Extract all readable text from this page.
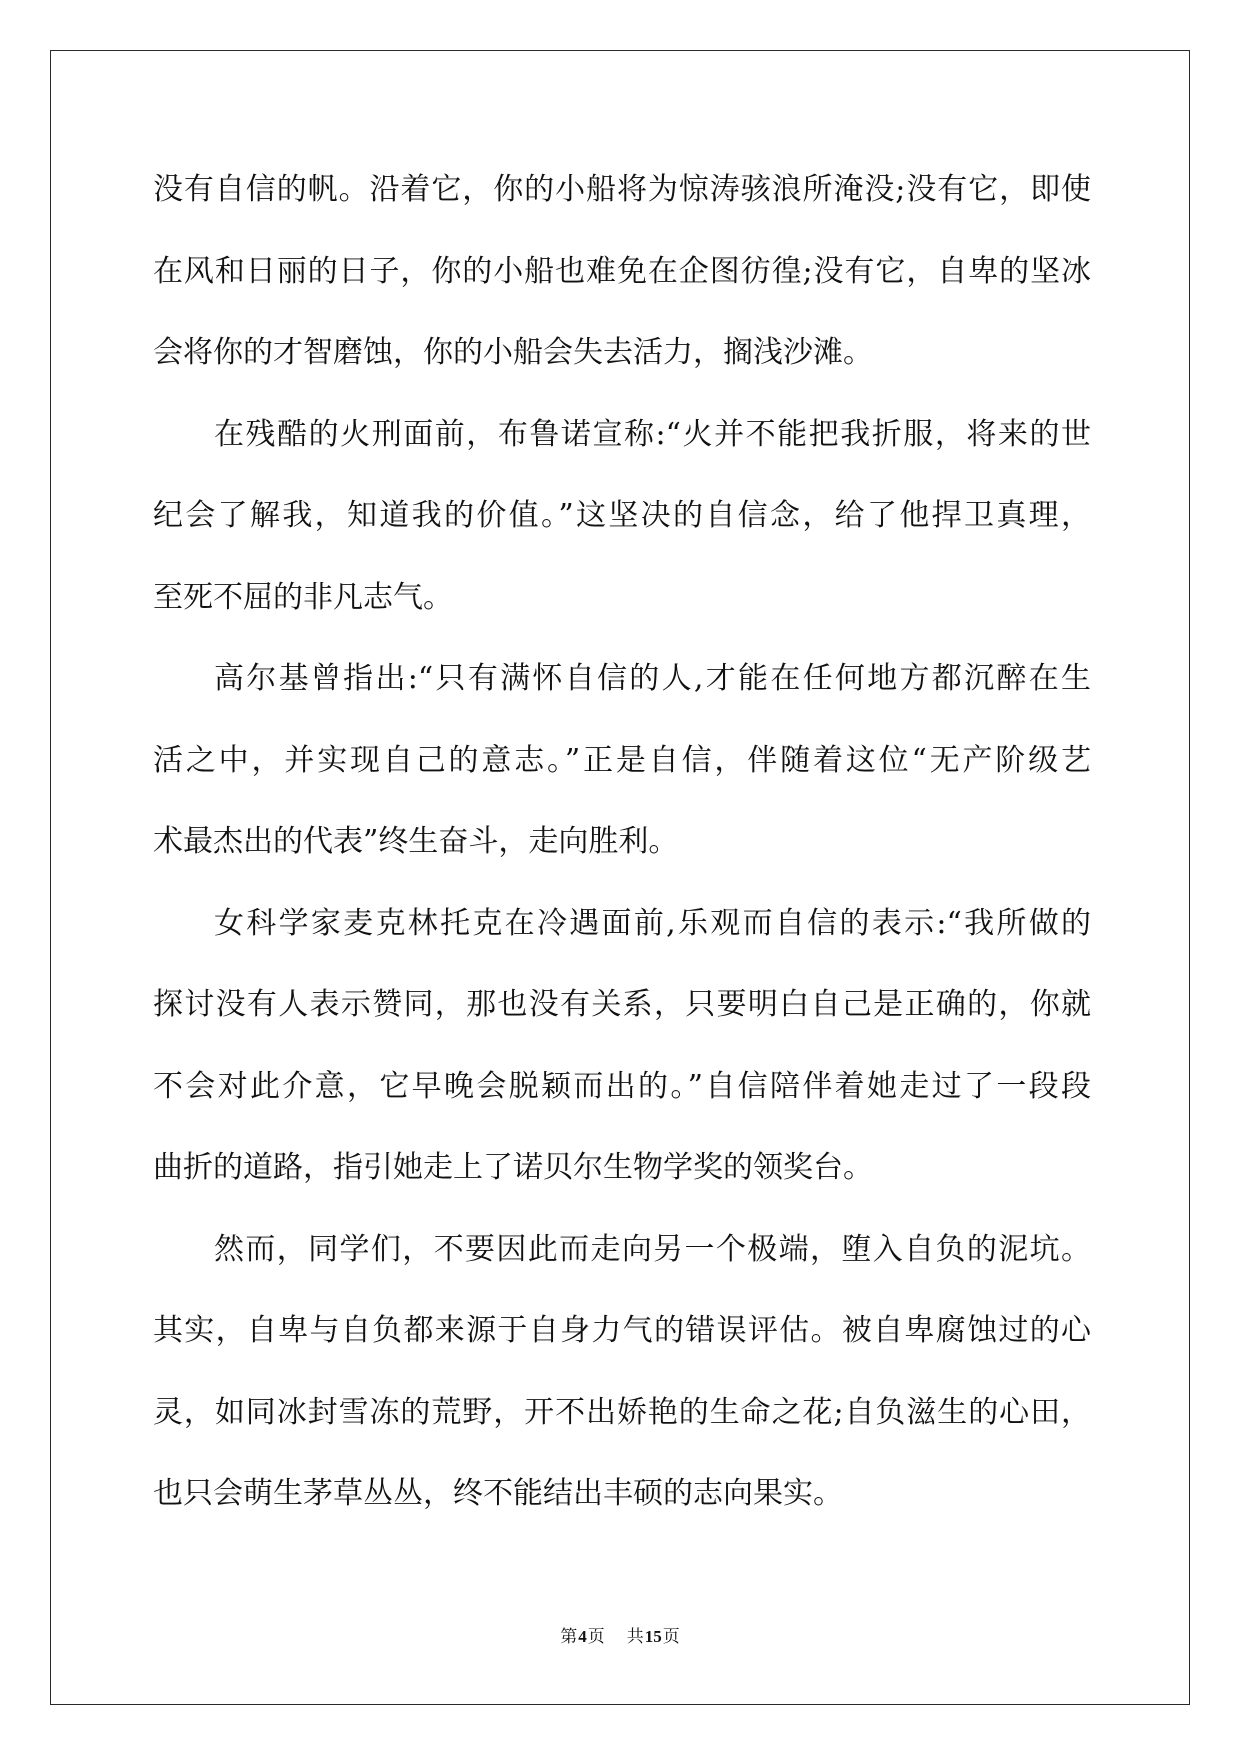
没有自信的帆。沿着它，你的小船将为惊涛骇浪所淹没;没有它，即使
在风和日丽的日子，你的小船也难免在企图彷徨;没有它，自卑的坚冰
会将你的才智磨蚀，你的小船会失去活力，搁浅沙滩。
在残酷的火刑面前，布鲁诺宣称:“火并不能把我折服，将来的世
纪会了解我，知道我的价值。”这坚决的自信念，给了他捍卫真理，
至死不屈的非凡志气。
高尔基曾指出:“只有满怀自信的人,才能在任何地方都沉醉在生
活之中，并实现自己的意志。”正是自信，伴随着这位“无产阶级艺
术最杰出的代表”终生奋斗，走向胜利。
女科学家麦克林托克在冷遇面前,乐观而自信的表示:“我所做的
探讨没有人表示赞同，那也没有关系，只要明白自己是正确的，你就
不会对此介意，它早晚会脱颖而出的。”自信陪伴着她走过了一段段
曲折的道路，指引她走上了诺贝尔生物学奖的领奖台。
然而，同学们，不要因此而走向另一个极端，堕入自负的泥坑。
其实，自卑与自负都来源于自身力气的错误评估。被自卑腐蚀过的心
灵，如同冰封雪冻的荒野，开不出娇艳的生命之花;自负滋生的心田，
也只会萌生茅草丛丛，终不能结出丰硕的志向果实。
第4页 共15页
